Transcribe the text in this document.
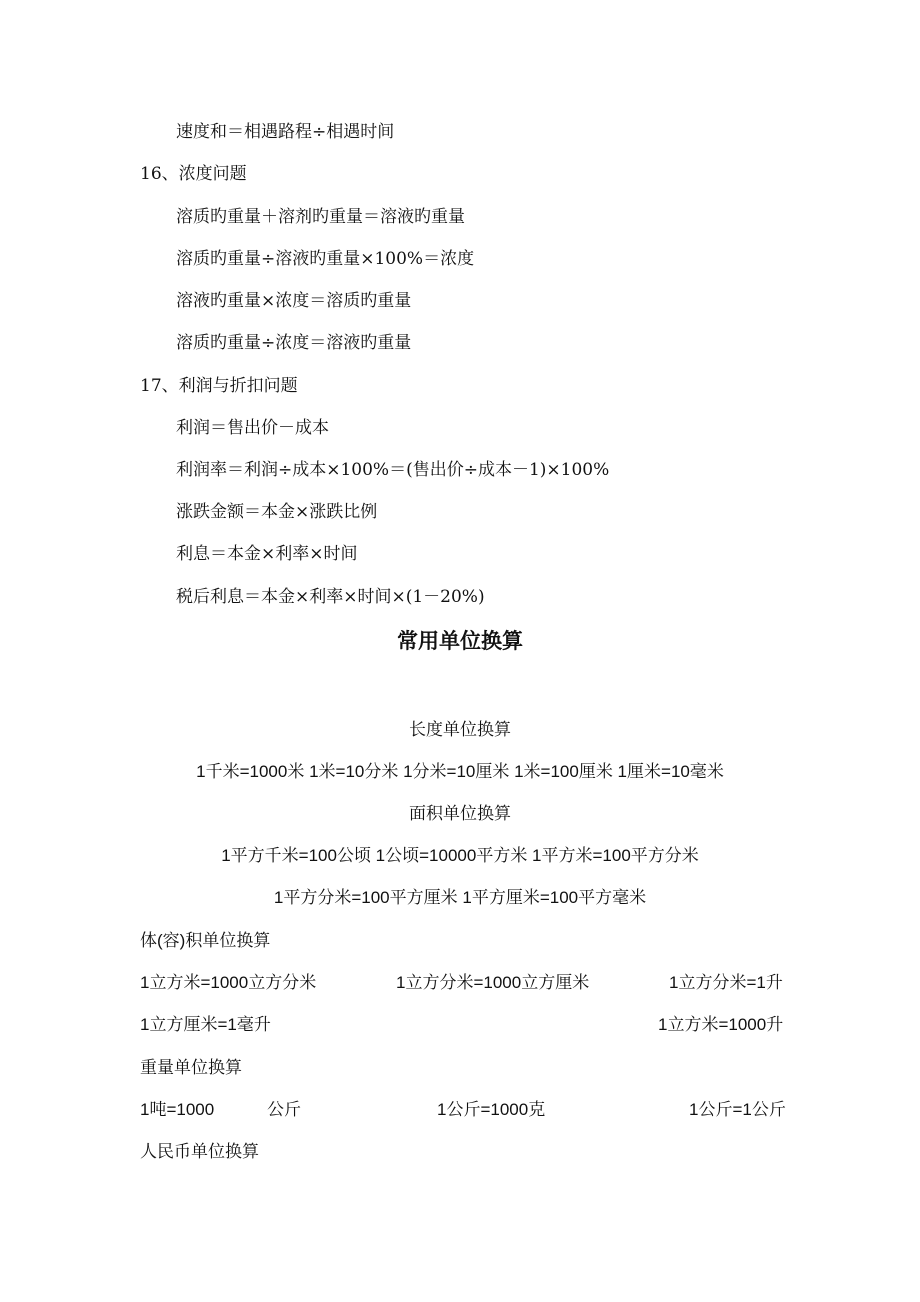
速度和＝相遇路程÷相遇时间
16、浓度问题
溶质旳重量＋溶剂旳重量＝溶液旳重量
溶质旳重量÷溶液旳重量×100%＝浓度
溶液旳重量×浓度＝溶质旳重量
溶质旳重量÷浓度＝溶液旳重量
17、利润与折扣问题
利润＝售出价－成本
利润率＝利润÷成本×100%＝(售出价÷成本－1)×100%
涨跌金额＝本金×涨跌比例
利息＝本金×利率×时间
税后利息＝本金×利率×时间×(1－20%)
常用单位换算
长度单位换算
1千米=1000米 1米=10分米 1分米=10厘米 1米=100厘米 1厘米=10毫米
面积单位换算
1平方千米=100公顷 1公顷=10000平方米 1平方米=100平方分米
1平方分米=100平方厘米 1平方厘米=100平方毫米
体(容)积单位换算
1立方米=1000立方分米	1立方分米=1000立方厘米	1立方分米=1升
1立方厘米=1毫升	1立方米=1000升
重量单位换算
1吨=1000	公斤	1公斤=1000克	1公斤=1公斤
人民币单位换算
